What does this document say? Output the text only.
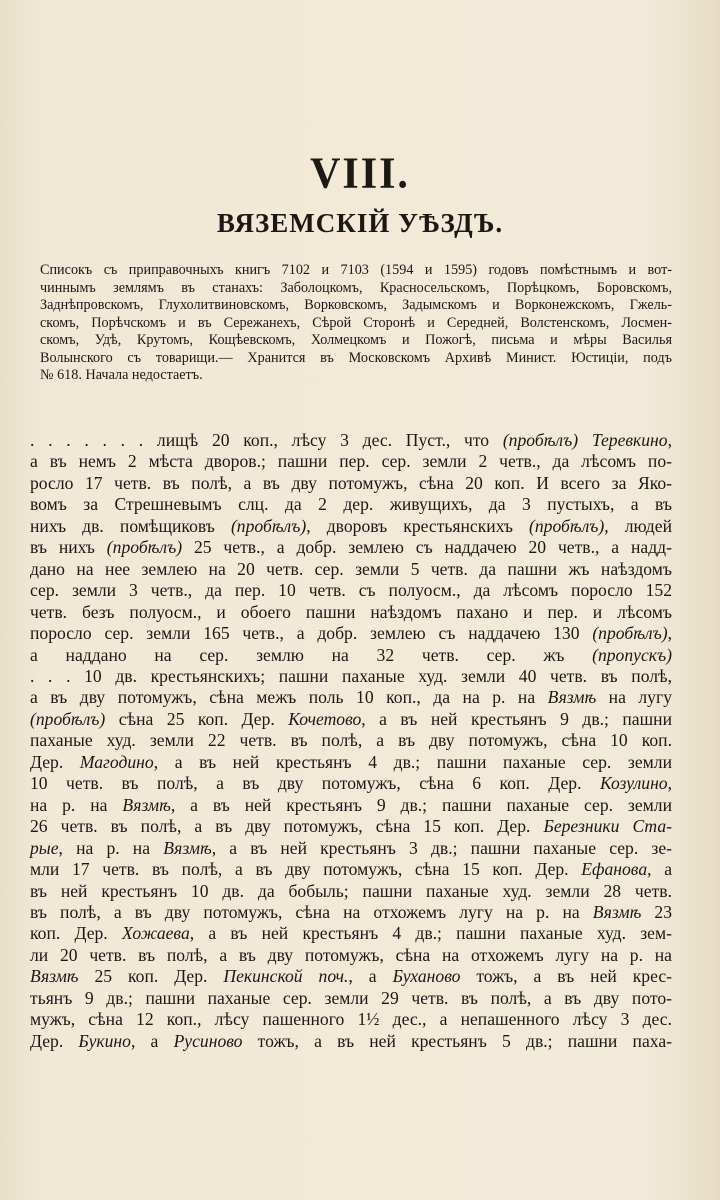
VIII.
ВЯЗЕМСКІЙ УѢЗДЪ.
Списокъ съ приправочныхъ книгъ 7102 и 7103 (1594 и 1595) годовъ помѣстнымъ и вот-
чиннымъ землямъ въ станахъ: Заболоцкомъ, Красносельскомъ, Порѣцкомъ, Боровскомъ,
Заднѣпровскомъ, Глухолитвиновскомъ, Ворковскомъ, Задымскомъ и Ворконежскомъ, Гжель-
скомъ, Порѣчскомъ и въ Сережанехъ, Сѣрой Сторонѣ и Середней, Волстенскомъ, Лосмен-
скомъ, Удѣ, Крутомъ, Кощѣевскомъ, Холмецкомъ и Пожогѣ, письма и мѣры Василья
Волынского съ товарищи.— Хранится въ Московскомъ Архивѣ Минист. Юстиціи, подъ
№ 618. Начала недостаетъ.
. . . . . . . лищѣ 20 коп., лѣсу 3 дес. Пуст., что (пробѣлъ) Теревкино,
а въ немъ 2 мѣста дворов.; пашни пер. сер. земли 2 четв., да лѣсомъ по-
росло 17 четв. въ полѣ, а въ дву потомужъ, сѣна 20 коп. И всего за Яко-
вомъ за Стрешневымъ слц. да 2 дер. живущихъ, да 3 пустыхъ, а въ
нихъ дв. помѣщиковъ (пробѣлъ), дворовъ крестьянскихъ (пробѣлъ), людей
въ нихъ (пробѣлъ) 25 четв., а добр. землею съ наддачею 20 четв., а надд-
дано на нее землею на 20 четв. сер. земли 5 четв. да пашни жъ наѣздомъ
сер. земли 3 четв., да пер. 10 четв. съ полуосм., да лѣсомъ поросло 152
четв. безъ полуосм., и обоего пашни наѣздомъ пахано и пер. и лѣсомъ
поросло сер. земли 165 четв., а добр. землею съ наддачею 130 (пробѣлъ),
а наддано на сер. землю на 32 четв. сер. жъ (пропускъ)
. . . 10 дв. крестьянскихъ; пашни паханые худ. земли 40 четв. въ полѣ,
а въ дву потомужъ, сѣна межъ поль 10 коп., да на р. на Вязмѣ на лугу
(пробѣлъ) сѣна 25 коп. Дер. Кочетово, а въ ней крестьянъ 9 дв.; пашни
паханые худ. земли 22 четв. въ полѣ, а въ дву потомужъ, сѣна 10 коп.
Дер. Магодино, а въ ней крестьянъ 4 дв.; пашни паханые сер. земли
10 четв. въ полѣ, а въ дву потомужъ, сѣна 6 коп. Дер. Козулино,
на р. на Вязмѣ, а въ ней крестьянъ 9 дв.; пашни паханые сер. земли
26 четв. въ полѣ, а въ дву потомужъ, сѣна 15 коп. Дер. Березники Ста-
рые, на р. на Вязмѣ, а въ ней крестьянъ 3 дв.; пашни паханые сер. зе-
мли 17 четв. въ полѣ, а въ дву потомужъ, сѣна 15 коп. Дер. Ефанова, а
въ ней крестьянъ 10 дв. да бобыль; пашни паханые худ. земли 28 четв.
въ полѣ, а въ дву потомужъ, сѣна на отхожемъ лугу на р. на Вязмѣ 23
коп. Дер. Хожаева, а въ ней крестьянъ 4 дв.; пашни паханые худ. зем-
ли 20 четв. въ полѣ, а въ дву потомужъ, сѣна на отхожемъ лугу на р. на
Вязмѣ 25 коп. Дер. Пекинской поч., а Буханово тожъ, а въ ней крес-
тьянъ 9 дв.; пашни паханые сер. земли 29 четв. въ полѣ, а въ дву пото-
мужъ, сѣна 12 коп., лѣсу пашенного 1½ дес., а непашенного лѣсу 3 дес.
Дер. Букино, а Русиново тожъ, а въ ней крестьянъ 5 дв.; пашни паха-
